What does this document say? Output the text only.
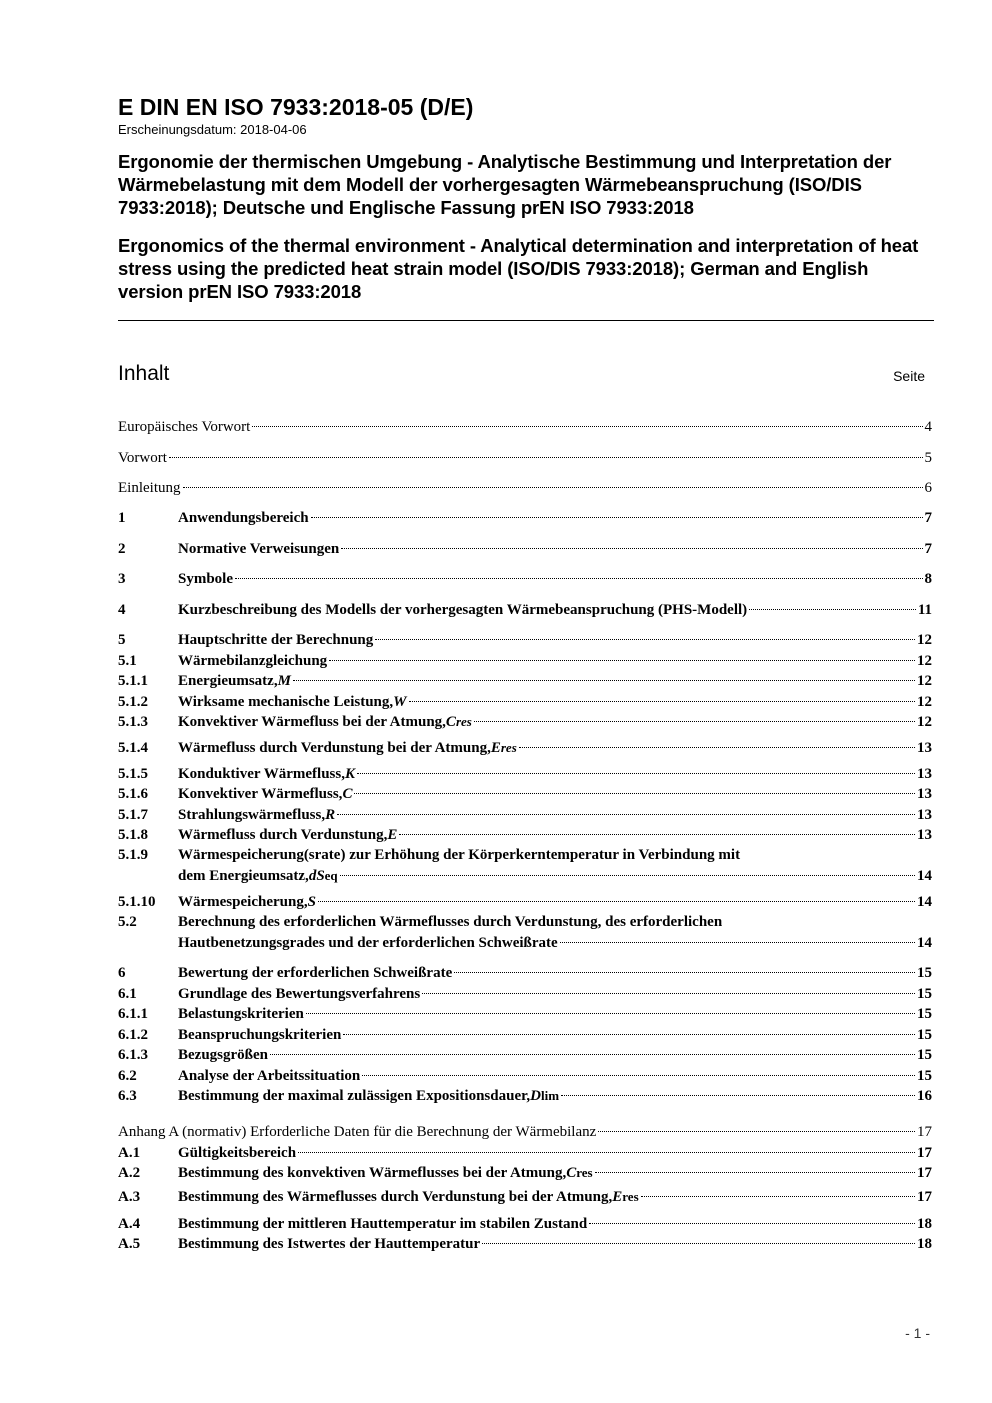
E DIN EN ISO 7933:2018-05 (D/E)

Erscheinungsdatum: 2018-04-06

Ergonomie der thermischen Umgebung - Analytische Bestimmung und Interpretation der Wärmebelastung mit dem Modell der vorhergesagten Wärmebeanspruchung (ISO/DIS 7933:2018); Deutsche und Englische Fassung prEN ISO 7933:2018

Ergonomics of the thermal environment - Analytical determination and interpretation of heat stress using the predicted heat strain model (ISO/DIS 7933:2018); German and English version prEN ISO 7933:2018

Inhalt	Seite
Europäisches Vorwort	4
Vorwort	5
Einleitung	6
1	Anwendungsbereich	7
2	Normative Verweisungen	7
3	Symbole	8
4	Kurzbeschreibung des Modells der vorhergesagten Wärmebeanspruchung (PHS-Modell)	11
5	Hauptschritte der Berechnung	12
5.1	Wärmebilanzgleichung	12
5.1.1	Energieumsatz, M	12
5.1.2	Wirksame mechanische Leistung, W	12
5.1.3	Konvektiver Wärmefluss bei der Atmung, C res	12
5.1.4	Wärmefluss durch Verdunstung bei der Atmung, E res	13
5.1.5	Konduktiver Wärmefluss, K	13
5.1.6	Konvektiver Wärmefluss, C	13
5.1.7	Strahlungswärmefluss, R	13
5.1.8	Wärmefluss durch Verdunstung, E	13
5.1.9	Wärmespeicherung(srate) zur Erhöhung der Körperkerntemperatur in Verbindung mit
dem Energieumsatz, dS eq	14
5.1.10	Wärmespeicherung, S	14
5.2	Berechnung des erforderlichen Wärmeflusses durch Verdunstung, des erforderlichen
Hautbenetzungsgrades und der erforderlichen Schweißrate	14
6	Bewertung der erforderlichen Schweißrate	15
6.1	Grundlage des Bewertungsverfahrens	15
6.1.1	Belastungskriterien	15
6.1.2	Beanspruchungskriterien	15
6.1.3	Bezugsgrößen	15
6.2	Analyse der Arbeitssituation	15
6.3	Bestimmung der maximal zulässigen Expositionsdauer, D lim	16
Anhang A (normativ) Erforderliche Daten für die Berechnung der Wärmebilanz	17
A.1	Gültigkeitsbereich	17
A.2	Bestimmung des konvektiven Wärmeflusses bei der Atmung, C res	17
A.3	Bestimmung des Wärmeflusses durch Verdunstung bei der Atmung, E res	17
A.4	Bestimmung der mittleren Hauttemperatur im stabilen Zustand	18
A.5	Bestimmung des Istwertes der Hauttemperatur	18
- 1 -
